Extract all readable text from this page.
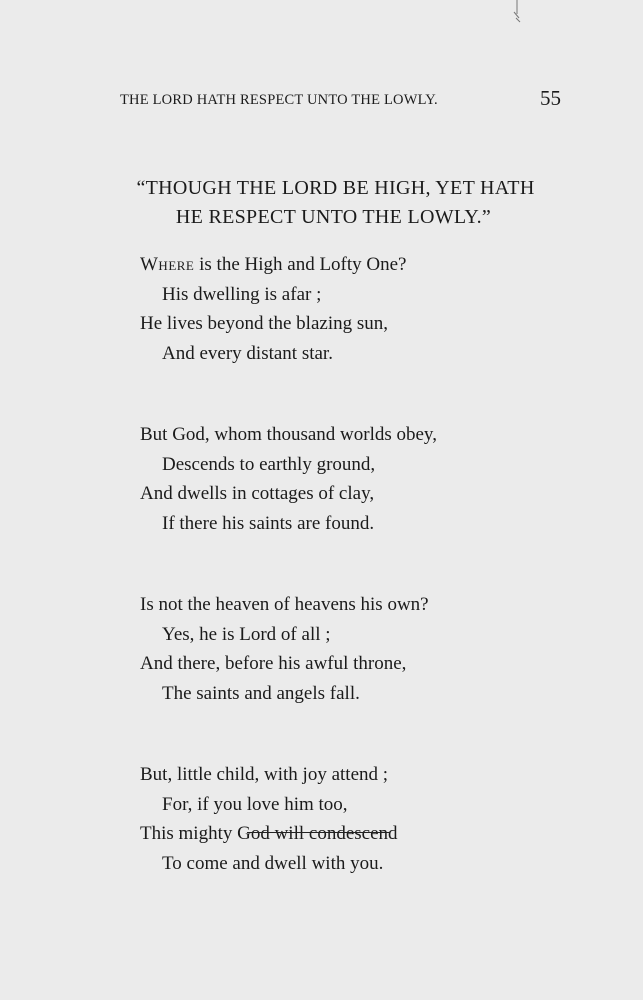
THE LORD HATH RESPECT UNTO THE LOWLY.	55
“THOUGH THE LORD BE HIGH, YET HATH
HE RESPECT UNTO THE LOWLY.”
Where is the High and Lofty One?
His dwelling is afar ;
He lives beyond the blazing sun,
And every distant star.
But God, whom thousand worlds obey,
Descends to earthly ground,
And dwells in cottages of clay,
If there his saints are found.
Is not the heaven of heavens his own?
Yes, he is Lord of all ;
And there, before his awful throne,
The saints and angels fall.
But, little child, with joy attend ;
For, if you love him too,
This mighty God will condescend
To come and dwell with you.
